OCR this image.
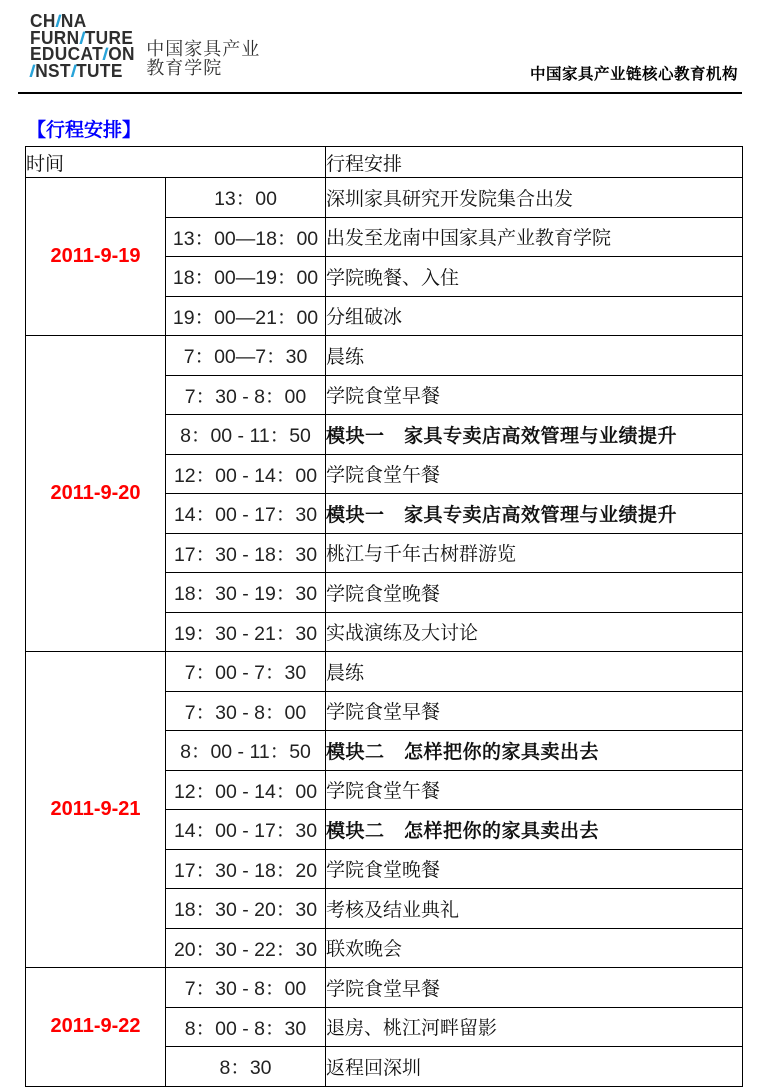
CHINA
FURNITURE
EDUCATION
INSTITUTE
中国家具产业
教育学院	中国家具产业链核心教育机构
【行程安排】
时间		行程安排
2011-9-19	13：00	深圳家具研究开发院集合出发
	13：00—18：00	出发至龙南中国家具产业教育学院
	18：00—19：00	学院晚餐、入住
	19：00—21：00	分组破冰
2011-9-20	7：00—7：30	晨练
	7：30 - 8：00	学院食堂早餐
	8：00 - 11：50	模块一　家具专卖店高效管理与业绩提升
	12：00 - 14：00	学院食堂午餐
	14：00 - 17：30	模块一　家具专卖店高效管理与业绩提升
	17：30 - 18：30	桃江与千年古树群游览
	18：30 - 19：30	学院食堂晚餐
	19：30 - 21：30	实战演练及大讨论
2011-9-21	7：00 - 7：30	晨练
	7：30 - 8：00	学院食堂早餐
	8：00 - 11：50	模块二　怎样把你的家具卖出去
	12：00 - 14：00	学院食堂午餐
	14：00 - 17：30	模块二　怎样把你的家具卖出去
	17：30 - 18：20	学院食堂晚餐
	18：30 - 20：30	考核及结业典礼
	20：30 - 22：30	联欢晚会
2011-9-22	7：30 - 8：00	学院食堂早餐
	8：00 - 8：30	退房、桃江河畔留影
	8：30	返程回深圳
